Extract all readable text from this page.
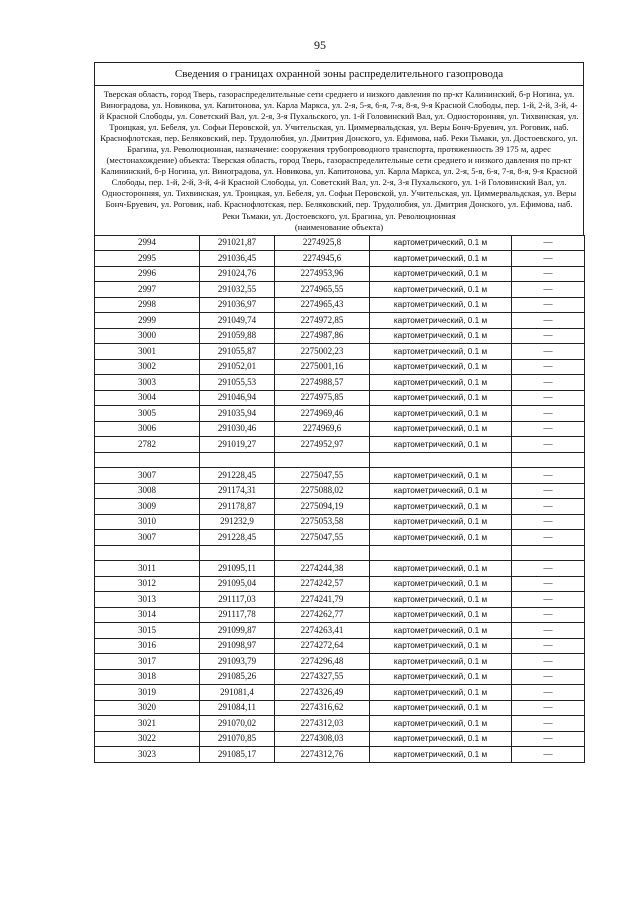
95
Сведения о границах охранной зоны распределительного газопровода
Тверская область, город Тверь, газораспределительные сети среднего и низкого давления по пр-кт Калининский, б-р Ногина, ул. Виноградова, ул. Новикова, ул. Капитонова, ул. Карла Маркса, ул. 2-я, 5-я, 6-я, 7-я, 8-я, 9-я Красной Слободы, пер. 1-й, 2-й, 3-й, 4-й Красной Слободы, ул. Советский Вал, ул. 2-я, 3-я Пухальского, ул. 1-й Головинский Вал, ул. Односторонняя, ул. Тихвинская, ул. Троицкая, ул. Бебеля, ул. Софьи Перовской, ул. Учительская, ул. Циммервальдская, ул. Веры Бонч-Бруевич, ул. Роговик, наб. Краснофлотская, пер. Беляковский, пер. Трудолюбия, ул. Дмитрия Донского, ул. Ефимова, наб. Реки Тьмаки, ул. Достоевского, ул. Брагина, ул. Революционная, назначение: сооружения трубопроводного транспорта, протяженность 39 175 м, адрес (местонахождение) объекта: Тверская область, город Тверь, газораспределительные сети среднего и низкого давления по пр-кт Калининский, б-р Ногина, ул. Виноградова, ул. Новикова, ул. Капитонова, ул. Карла Маркса, ул. 2-я, 5-я, 6-я, 7-я, 8-я, 9-я Красной Слободы, пер. 1-й, 2-й, 3-й, 4-й Красной Слободы, ул. Советский Вал, ул. 2-я, 3-я Пухальского, ул. 1-й Головинский Вал, ул. Односторонняя, ул. Тихвинская, ул. Троицкая, ул. Бебеля, ул. Софьи Перовской, ул. Учительская, ул. Циммервальдская, ул. Веры Бонч-Бруевич, ул. Роговик, наб. Краснофлотская, пер. Беляковский, пер. Трудолюбия, ул. Дмитрия Донского, ул. Ефимова, наб. Реки Тьмаки, ул. Достоевского, ул. Брагина, ул. Революционная
(наименование объекта)
2994	291021,87	2274925,8	картометрический, 0.1 м	—
2995	291036,45	2274945,6	картометрический, 0.1 м	—
2996	291024,76	2274953,96	картометрический, 0.1 м	—
2997	291032,55	2274965,55	картометрический, 0.1 м	—
2998	291036,97	2274965,43	картометрический, 0.1 м	—
2999	291049,74	2274972,85	картометрический, 0.1 м	—
3000	291059,88	2274987,86	картометрический, 0.1 м	—
3001	291055,87	2275002,23	картометрический, 0.1 м	—
3002	291052,01	2275001,16	картометрический, 0.1 м	—
3003	291055,53	2274988,57	картометрический, 0.1 м	—
3004	291046,94	2274975,85	картометрический, 0.1 м	—
3005	291035,94	2274969,46	картометрический, 0.1 м	—
3006	291030,46	2274969,6	картометрический, 0.1 м	—
2782	291019,27	2274952,97	картометрический, 0.1 м	—

3007	291228,45	2275047,55	картометрический, 0.1 м	—
3008	291174,31	2275088,02	картометрический, 0.1 м	—
3009	291178,87	2275094,19	картометрический, 0.1 м	—
3010	291232,9	2275053,58	картометрический, 0.1 м	—
3007	291228,45	2275047,55	картометрический, 0.1 м	—

3011	291095,11	2274244,38	картометрический, 0.1 м	—
3012	291095,04	2274242,57	картометрический, 0.1 м	—
3013	291117,03	2274241,79	картометрический, 0.1 м	—
3014	291117,78	2274262,77	картометрический, 0.1 м	—
3015	291099,87	2274263,41	картометрический, 0.1 м	—
3016	291098,97	2274272,64	картометрический, 0.1 м	—
3017	291093,79	2274296,48	картометрический, 0.1 м	—
3018	291085,26	2274327,55	картометрический, 0.1 м	—
3019	291081,4	2274326,49	картометрический, 0.1 м	—
3020	291084,11	2274316,62	картометрический, 0.1 м	—
3021	291070,02	2274312,03	картометрический, 0.1 м	—
3022	291070,85	2274308,03	картометрический, 0.1 м	—
3023	291085,17	2274312,76	картометрический, 0.1 м	—
